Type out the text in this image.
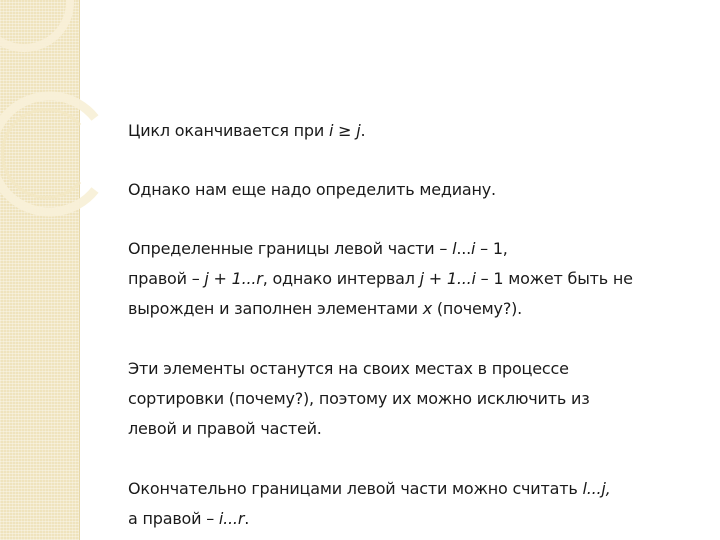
Цикл оканчивается при i ≥ j.
Однако нам еще надо определить медиану.
Определенные границы левой части – l...i – 1,
правой – j + 1...r, однако интервал j + 1...i – 1 может быть не
вырожден и заполнен элементами x (почему?).
Эти элементы останутся на своих местах в процессе
сортировки (почему?), поэтому их можно исключить из
левой и правой частей.
Окончательно границами левой части можно считать l...j,
а правой – i...r.
